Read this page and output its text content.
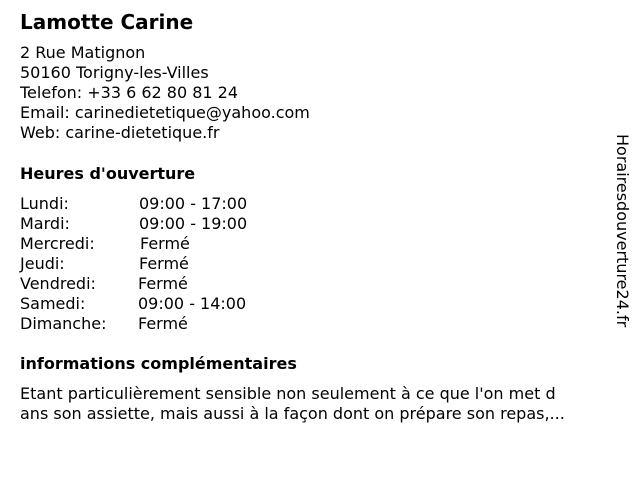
Lamotte Carine
2 Rue Matignon
50160 Torigny-les-Villes
Telefon: +33 6 62 80 81 24
Email: carinedietetique@yahoo.com
Web: carine-dietetique.fr
Heures d'ouverture
Lundi:	09:00 - 17:00
Mardi:	09:00 - 19:00
Mercredi:	Fermé
Jeudi:	Fermé
Vendredi:	Fermé
Samedi:	09:00 - 14:00
Dimanche: Fermé
informations complémentaires
Etant particulièrement sensible non seulement à ce que l'on met d
ans son assiette, mais aussi à la façon dont on prépare son repas,...
Horairesdouverture24.fr
